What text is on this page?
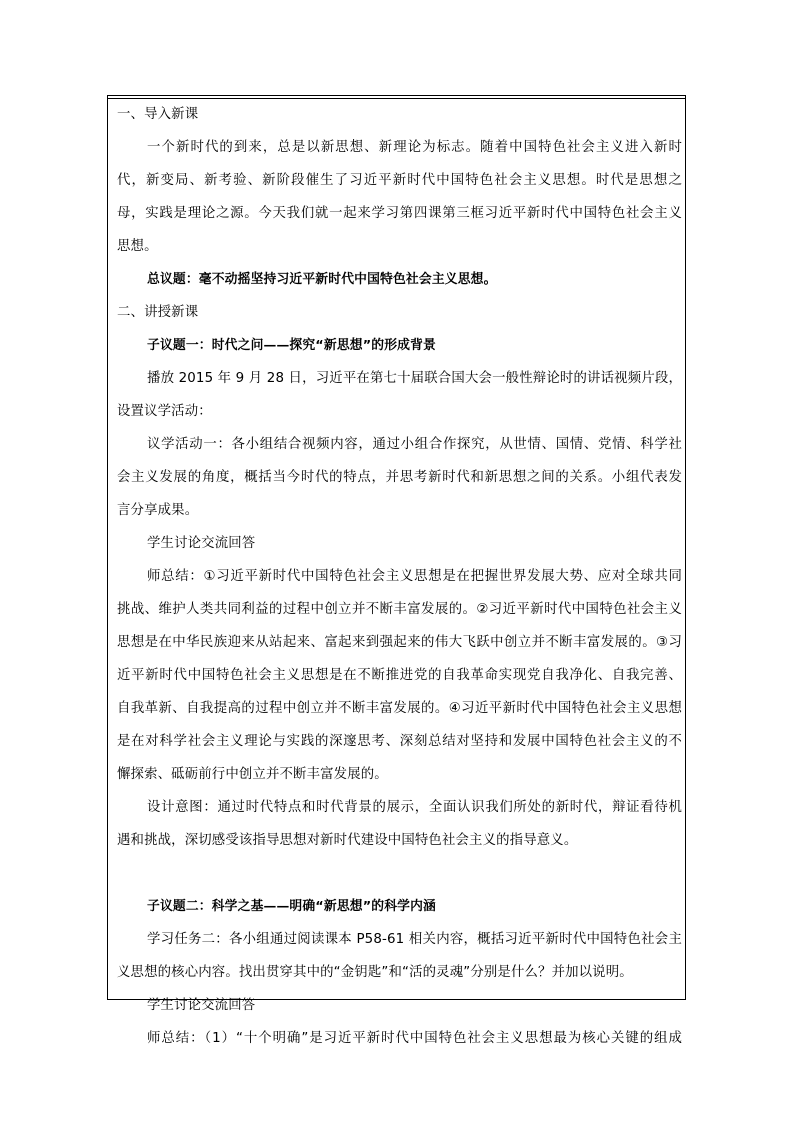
一、导入新课
一个新时代的到来，总是以新思想、新理论为标志。随着中国特色社会主义进入新时
代，新变局、新考验、新阶段催生了习近平新时代中国特色社会主义思想。时代是思想之
母，实践是理论之源。今天我们就一起来学习第四课第三框习近平新时代中国特色社会主义
思想。
总议题：毫不动摇坚持习近平新时代中国特色社会主义思想。
二、讲授新课
子议题一：时代之问——探究“新思想”的形成背景
播放 2015 年 9 月 28 日，习近平在第七十届联合国大会一般性辩论时的讲话视频片段，
设置议学活动：
议学活动一：各小组结合视频内容，通过小组合作探究，从世情、国情、党情、科学社
会主义发展的角度，概括当今时代的特点，并思考新时代和新思想之间的关系。小组代表发
言分享成果。
学生讨论交流回答
师总结：①习近平新时代中国特色社会主义思想是在把握世界发展大势、应对全球共同
挑战、维护人类共同利益的过程中创立并不断丰富发展的。②习近平新时代中国特色社会主义
思想是在中华民族迎来从站起来、富起来到强起来的伟大飞跃中创立并不断丰富发展的。③习
近平新时代中国特色社会主义思想是在不断推进党的自我革命实现党自我净化、自我完善、
自我革新、自我提高的过程中创立并不断丰富发展的。④习近平新时代中国特色社会主义思想
是在对科学社会主义理论与实践的深邃思考、深刻总结对坚持和发展中国特色社会主义的不
懈探索、砥砺前行中创立并不断丰富发展的。
设计意图：通过时代特点和时代背景的展示，全面认识我们所处的新时代，辩证看待机
遇和挑战，深切感受该指导思想对新时代建设中国特色社会主义的指导意义。
子议题二：科学之基——明确“新思想”的科学内涵
学习任务二：各小组通过阅读课本 P58-61 相关内容，概括习近平新时代中国特色社会主
义思想的核心内容。找出贯穿其中的“金钥匙”和“活的灵魂”分别是什么？并加以说明。
学生讨论交流回答
师总结：（1）“十个明确”是习近平新时代中国特色社会主义思想最为核心关键的组成
